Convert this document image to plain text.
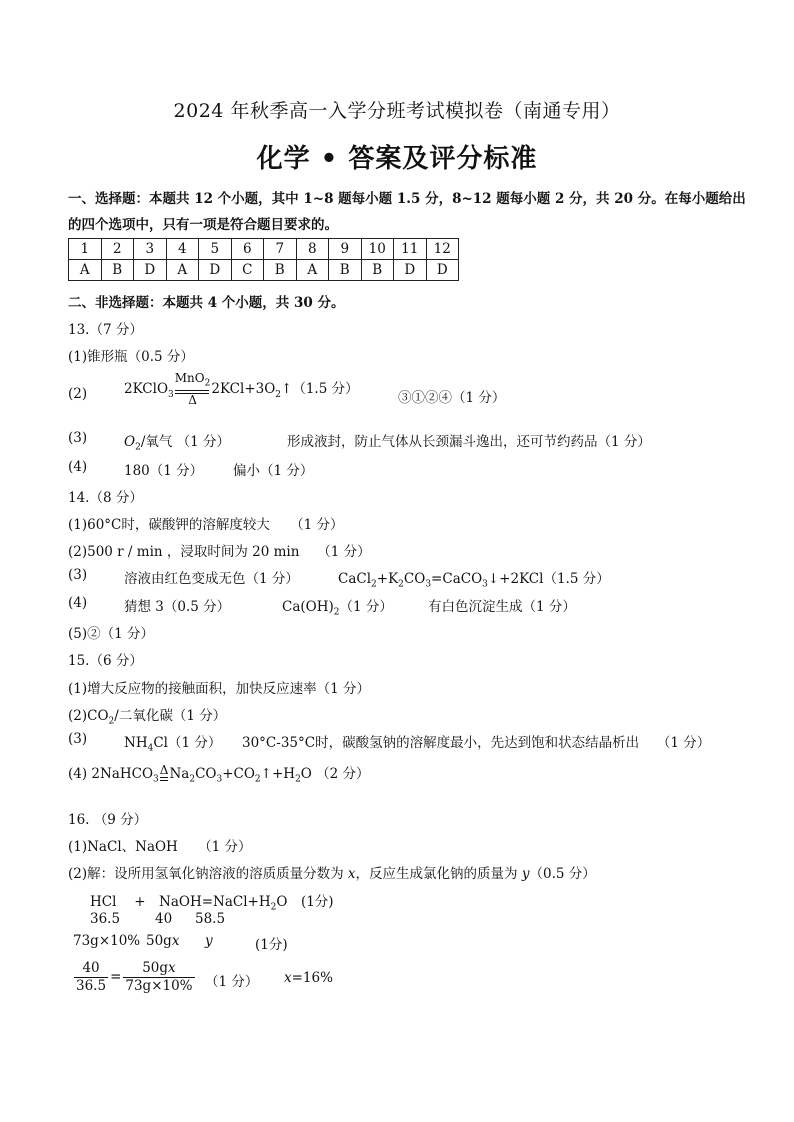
2024 年秋季高一入学分班考试模拟卷（南通专用）
化学 • 答案及评分标准
一、选择题：本题共 12 个小题，其中 1~8 题每小题 1.5 分，8~12 题每小题 2 分，共 20 分。在每小题给出
的四个选项中，只有一项是符合题目要求的。
1	2	3	4	5	6	7	8	9	10	11	12
A	B	D	A	D	C	B	A	B	B	D	D
二、非选择题：本题共 4 个小题，共 30 分。
13.（7 分）
(1)锥形瓶（0.5 分）
(2)	2KClO$_3$
MnO$_2$
Δ
$2KCl+3O_2↑(1.5$ 分）
③①②④（1 分）
(3)	$O_2/$氧气 （1 分）	形成液封，防止气体从长颈漏斗逸出，还可节约药品（1 分）
(4)	180（1 分） 偏小（1 分）
14.（8 分）
(1)60°C时，碳酸钾的溶解度较大　　（1 分）
(2)500 r / min ，浸取时间为 20 min　 （1 分）
(3)	溶液由红色变成无色（1 分）	$CaCl_2+K_2CO_3=CaCO_3↓+2KCl(1.5$ 分）
(4)	猜想 3（0.5 分）	$Ca(OH)_2(1$ 分）	有白色沉淀生成（1 分）
(5)②（1 分）
15.（6 分）
(1)增大反应物的接触面积，加快反应速率（1 分）
$(2)CO_2/$二氧化碳（1 分）
(3)	$NH_4Cl(1$ 分） 30°C-35°C时，碳酸氢钠的溶解度最小，先达到饱和状态结晶析出　 （1 分）
(4) 2NaHCO$_3$
Δ $Na_2CO_3+CO_2↑+H_2O$ （2 分）
16. （9 分）
(1)NaCl、NaOH　　（1 分）
(2)解：设所用氢氧化钠溶液的溶质质量分数为 x，反应生成氯化钠的质量为 y（0.5 分）
HCl　 +　$NaOH=NaCl+H_2O$　(1分)
36.5	40 58.5
73g×10% 50gx y	(1分)
$\frac{40}{36.5} = \frac{50gx}{73g\times 10\%} (1$ 分） x=16%
